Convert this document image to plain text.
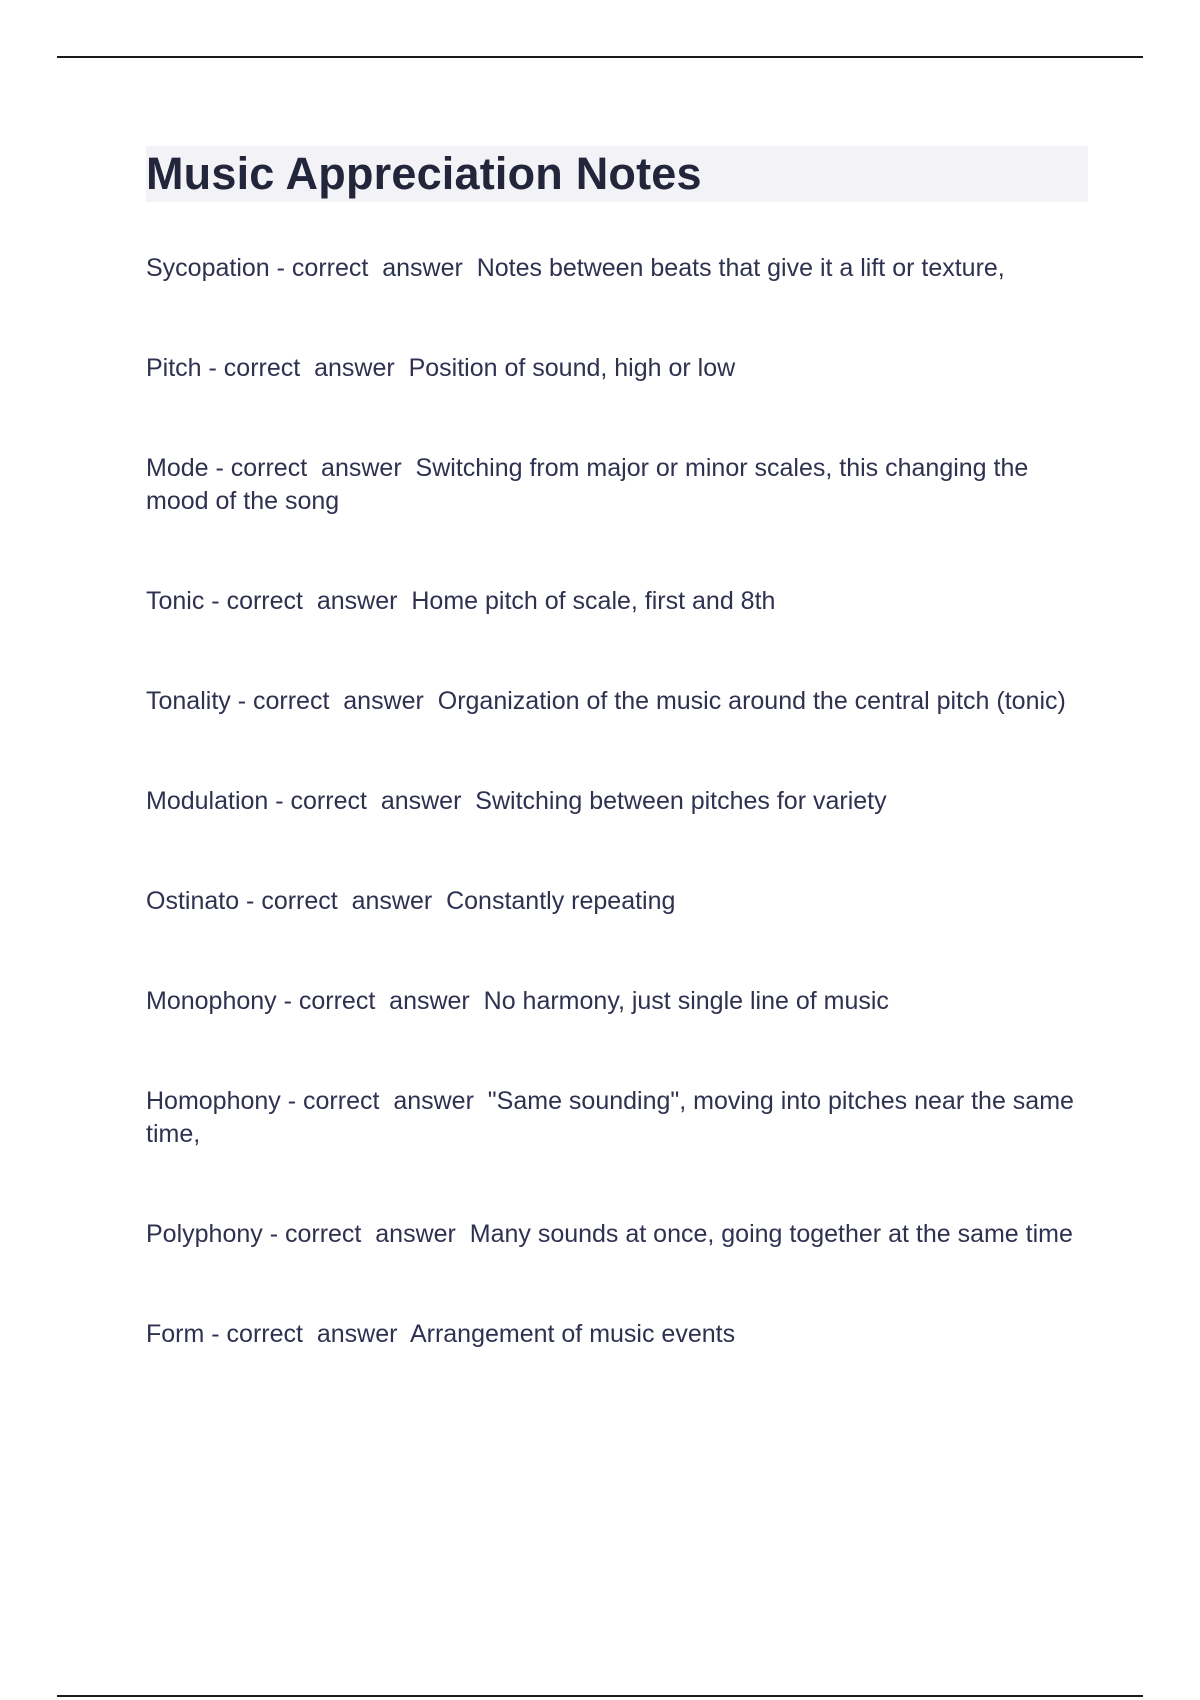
Music Appreciation Notes

Sycopation - correct  answer  Notes between beats that give it a lift or texture,

Pitch - correct  answer  Position of sound, high or low

Mode - correct  answer  Switching from major or minor scales, this changing the mood of the song

Tonic - correct  answer  Home pitch of scale, first and 8th

Tonality - correct  answer  Organization of the music around the central pitch (tonic)

Modulation - correct  answer  Switching between pitches for variety

Ostinato - correct  answer  Constantly repeating

Monophony - correct  answer  No harmony, just single line of music

Homophony - correct  answer  "Same sounding", moving into pitches near the same time,

Polyphony - correct  answer  Many sounds at once, going together at the same time

Form - correct  answer  Arrangement of music events
